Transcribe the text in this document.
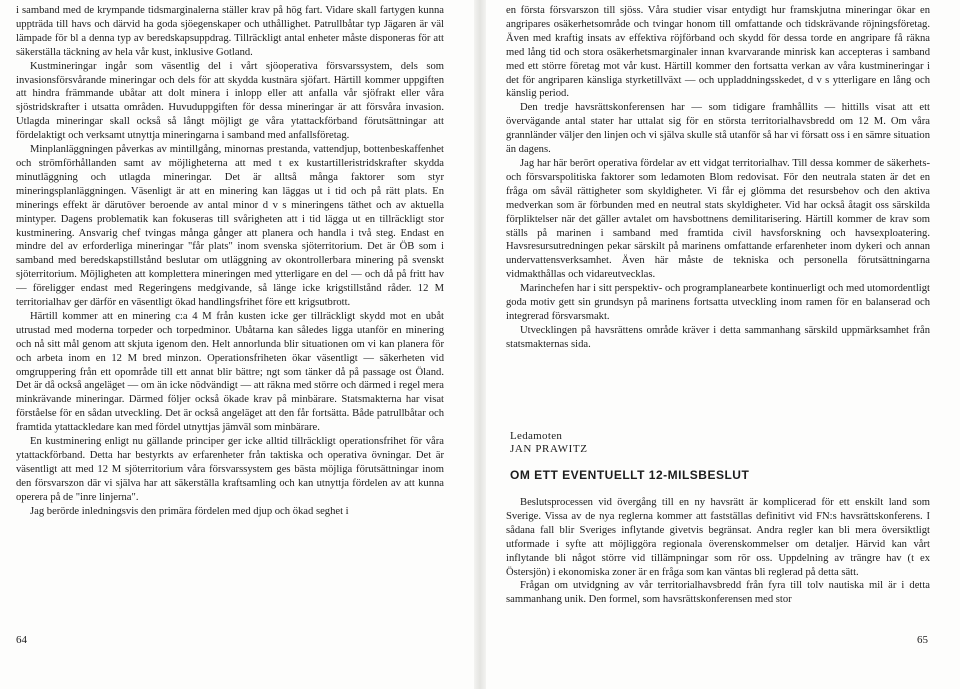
i samband med de krympande tidsmarginalerna ställer krav på hög fart. Vidare skall fartygen kunna uppträda till havs och därvid ha goda sjöegenskaper och uthållighet. Patrullbåtar typ Jägaren är väl lämpade för bl a denna typ av beredskapsuppdrag. Tillräckligt antal enheter måste disponeras för att säkerställa täckning av hela vår kust, inklusive Gotland.

Kustmineringar ingår som väsentlig del i vårt sjöoperativa försvarssystem, dels som invasionsförsvårande mineringar och dels för att skydda kustnära sjöfart. Härtill kommer uppgiften att hindra främmande ubåtar att dolt minera i inlopp eller att anfalla vår sjöfrakt eller våra sjöstridskrafter i utsatta områden. Huvuduppgiften för dessa mineringar är att försvåra invasion. Utlagda mineringar skall också så långt möjligt ge våra ytattackförband förutsättningar att fördelaktigt och verksamt utnyttja mineringarna i samband med anfallsföretag.

Minplanläggningen påverkas av mintillgång, minornas prestanda, vattendjup, bottenbeskaffenhet och strömförhållanden samt av möjligheterna att med t ex kustartilleristridskrafter skydda minutläggning och utlagda mineringar. Det är alltså många faktorer som styr mineringsplanläggningen. Väsenligt är att en minering kan läggas ut i tid och på rätt plats. En minerings effekt är därutöver beroende av antal minor d v s mineringens täthet och av aktuella mintyper. Dagens problematik kan fokuseras till svårigheten att i tid lägga ut en tillräckligt stor kustminering. Ansvarig chef tvingas många gånger att planera och handla i två steg. Endast en mindre del av erforderliga mineringar "får plats" inom svenska sjöterritorium. Det är ÖB som i samband med beredskapstillstånd beslutar om utläggning av okontrollerbara minering på svenskt sjöterritorium. Möjligheten att komplettera mineringen med ytterligare en del — och då på fritt hav — föreligger endast med Regeringens medgivande, så länge icke krigstillstånd råder. 12 M territorialhav ger därför en väsentligt ökad handlingsfrihet före ett krigsutbrott.

Härtill kommer att en minering c:a 4 M från kusten icke ger tillräckligt skydd mot en ubåt utrustad med moderna torpeder och torpedminor. Ubåtarna kan således ligga utanför en minering och nå sitt mål genom att skjuta igenom den. Helt annorlunda blir situationen om vi kan planera för och arbeta inom en 12 M bred minzon. Operationsfriheten ökar väsentligt — säkerheten vid omgruppering från ett opområde till ett annat blir bättre; ngt som tänker då på passage ost Öland. Det är då också angeläget — om än icke nödvändigt — att räkna med större och därmed i regel mera minkrävande mineringar. Därmed följer också ökade krav på minbärare. Statsmakterna har visat förståelse för en sådan utveckling. Det är också angeläget att den får fortsätta. Både patrullbåtar och framtida ytattackledare kan med fördel utnyttjas jämväl som minbärare.

En kustminering enligt nu gällande principer ger icke alltid tillräckligt operationsfrihet för våra ytattackförband. Detta har bestyrkts av erfarenheter från taktiska och operativa övningar. Det är väsentligt att med 12 M sjöterritorium våra försvarssystem ges bästa möjliga förutsättningar inom den försvarszon där vi själva har att säkerställa kraftsamling och kan utnyttja fördelen av att kunna operera på de "inre linjerna".

Jag berörde inledningsvis den primära fördelen med djup och ökad seghet i

en första försvarszon till sjöss. Våra studier visar entydigt hur framskjutna mineringar ökar en angripares osäkerhetsområde och tvingar honom till omfattande och tidskrävande röjningsföretag. Även med kraftig insats av effektiva röjförband och skydd för dessa torde en angripare få räkna med lång tid och stora osäkerhetsmarginaler innan kvarvarande minrisk kan accepteras i samband med ett större företag mot vår kust. Härtill kommer den fortsatta verkan av våra kustmineringar i det för angriparen känsliga styrketillväxt — och uppladdningsskedet, d v s ytterligare en lång och känslig period.

Den tredje havsrättskonferensen har — som tidigare framhållits — hittills visat att ett övervägande antal stater har uttalat sig för en största territorialhavsbredd om 12 M. Om våra grannländer väljer den linjen och vi själva skulle stå utanför så har vi försatt oss i en sämre situation än dagens.

Jag har här berört operativa fördelar av ett vidgat territorialhav. Till dessa kommer de säkerhets- och försvarspolitiska faktorer som ledamoten Blom redovisat. För den neutrala staten är det en fråga om såväl rättigheter som skyldigheter. Vi får ej glömma det resursbehov och den aktiva medverkan som är förbunden med en neutral stats skyldigheter. Vid har också åtagit oss särskilda förpliktelser när det gäller avtalet om havsbottnens demilitarisering. Härtill kommer de krav som ställs på marinen i samband med framtida civil havsforskning och havsexploatering. Havsresursutredningen pekar särskilt på marinens omfattande erfarenheter inom dykeri och annan undervattensverksamhet. Även här måste de tekniska och personella förutsättningarna vidmakthållas och vidareutvecklas.

Marinchefen har i sitt perspektiv- och programplanearbete kontinuerligt och med utomordentligt goda motiv gett sin grundsyn på marinens fortsatta utveckling inom ramen för en balanserad och integrerad försvarsmakt.

Utvecklingen på havsrättens område kräver i detta sammanhang särskild uppmärksamhet från statsmakternas sida.

Ledamoten

JAN PRAWITZ

OM ETT EVENTUELLT 12-MILSBESLUT

Beslutsprocessen vid övergång till en ny havsrätt är komplicerad för ett enskilt land som Sverige. Vissa av de nya reglerna kommer att fastställas definitivt vid FN:s havsrättskonferens. I sådana fall blir Sveriges inflytande givetvis begränsat. Andra regler kan bli mera översiktligt utformade i syfte att möjliggöra regionala överenskommelser om detaljer. Härvid kan vårt inflytande bli något större vid tillämpningar som rör oss. Uppdelning av trängre hav (t ex Östersjön) i ekonomiska zoner är en fråga som kan väntas bli reglerad på detta sätt.

Frågan om utvidgning av vår territorialhavsbredd från fyra till tolv nautiska mil är i detta sammanhang unik. Den formel, som havsrättskonferensen med stor

64	65
